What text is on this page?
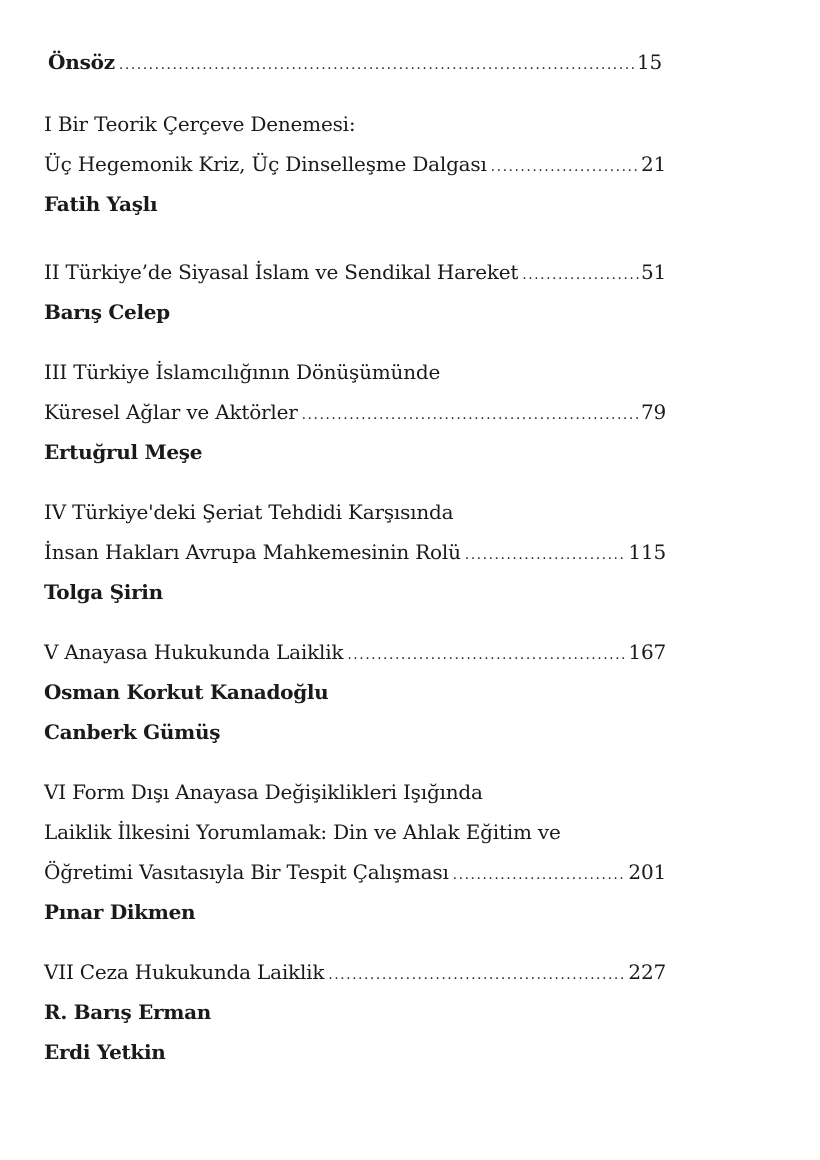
Önsöz .....	15
I Bir Teorik Çerçeve Denemesi:
Üç Hegemonik Kriz, Üç Dinselleşme Dalgası .....	21
Fatih Yaşlı
II Türkiye’de Siyasal İslam ve Sendikal Hareket .....	51
Barış Celep
III Türkiye İslamcılığının Dönüşümünde
Küresel Ağlar ve Aktörler .....	79
Ertuğrul Meşe
IV Türkiye'deki Şeriat Tehdidi Karşısında
İnsan Hakları Avrupa Mahkemesinin Rolü .....	115
Tolga Şirin
V Anayasa Hukukunda Laiklik .....	167
Osman Korkut Kanadoğlu
Canberk Gümüş
VI Form Dışı Anayasa Değişiklikleri Işığında
Laiklik İlkesini Yorumlamak: Din ve Ahlak Eğitim ve
Öğretimi Vasıtasıyla Bir Tespit Çalışması .....	201
Pınar Dikmen
VII Ceza Hukukunda Laiklik .....	227
R. Barış Erman
Erdi Yetkin
